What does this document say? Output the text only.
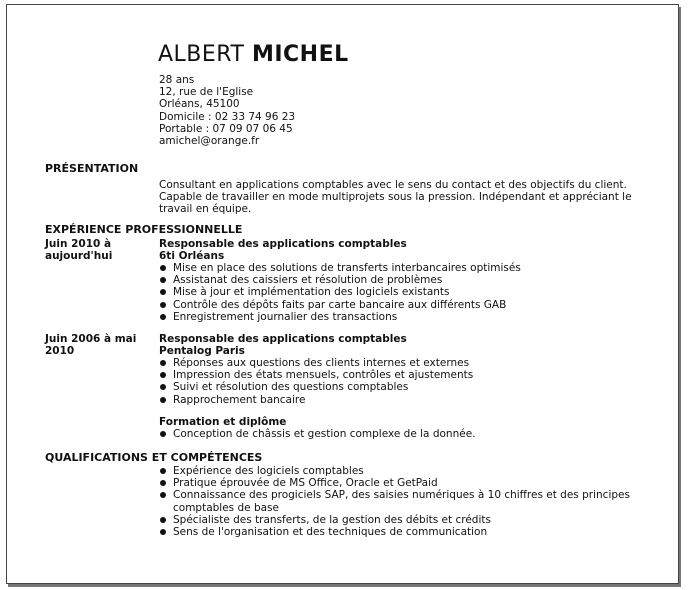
ALBERT MICHEL
28 ans
12, rue de l'Eglise
Orléans, 45100
Domicile : 02 33 74 96 23
Portable : 07 09 07 06 45
amichel@orange.fr
PRÉSENTATION
Consultant en applications comptables avec le sens du contact et des objectifs du client. Capable de travailler en mode multiprojets sous la pression. Indépendant et appréciant le travail en équipe.
EXPÉRIENCE PROFESSIONNELLE
Juin 2010 à aujourd'hui
Responsable des applications comptables
6ti Orléans
Mise en place des solutions de transferts interbancaires optimisés
Assistanat des caissiers et résolution de problèmes
Mise à jour et implémentation des logiciels existants
Contrôle des dépôts faits par carte bancaire aux différents GAB
Enregistrement journalier des transactions
Juin 2006 à mai 2010
Responsable des applications comptables
Pentalog Paris
Réponses aux questions des clients internes et externes
Impression des états mensuels, contrôles et ajustements
Suivi et résolution des questions comptables
Rapprochement bancaire
Formation et diplôme
Conception de châssis et gestion complexe de la donnée.
QUALIFICATIONS ET COMPÉTENCES
Expérience des logiciels comptables
Pratique éprouvée de MS Office, Oracle et GetPaid
Connaissance des progiciels SAP, des saisies numériques à 10 chiffres et des principes comptables de base
Spécialiste des transferts, de la gestion des débits et crédits
Sens de l'organisation et des techniques de communication
